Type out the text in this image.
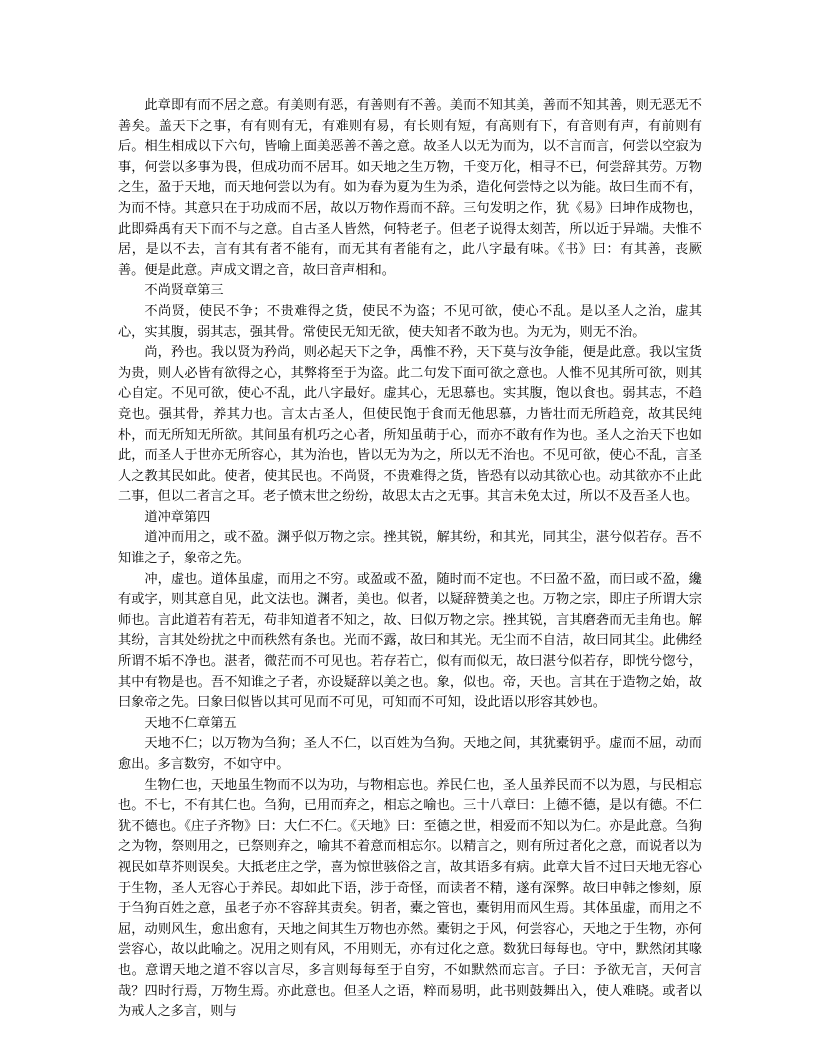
此章即有而不居之意。有美则有恶，有善则有不善。美而不知其美，善而不知其善，则无恶无不善矣。盖天下之事，有有则有无，有难则有易，有长则有短，有高则有下，有音则有声，有前则有后。相生相成以下六句，皆喻上面美恶善不善之意。故圣人以无为而为，以不言而言，何尝以空寂为事，何尝以多事为畏，但成功而不居耳。如天地之生万物，千变万化，相寻不已，何尝辞其劳。万物之生，盈于天地，而天地何尝以为有。如为春为夏为生为杀，造化何尝恃之以为能。故曰生而不有，为而不恃。其意只在于功成而不居，故以万物作焉而不辞。三句发明之作，犹《易》曰坤作成物也，此即舜禹有天下而不与之意。自古圣人皆然，何特老子。但老子说得太刻苦，所以近于异端。夫惟不居，是以不去，言有其有者不能有，而无其有者能有之，此八字最有味。《书》曰：有其善，丧厥善。便是此意。声成文谓之音，故曰音声相和。

不尚贤章第三

不尚贤，使民不争；不贵难得之货，使民不为盗；不见可欲，使心不乱。是以圣人之治，虚其心，实其腹，弱其志，强其骨。常使民无知无欲，使夫知者不敢为也。为无为，则无不治。

尚，矜也。我以贤为矜尚，则必起天下之争，禹惟不矜，天下莫与汝争能，便是此意。我以宝货为贵，则人必皆有欲得之心，其弊将至于为盗。此二句发下面可欲之意也。人惟不见其所可欲，则其心自定。不见可欲，使心不乱，此八字最好。虚其心，无思慕也。实其腹，饱以食也。弱其志，不趋竞也。强其骨，养其力也。言太古圣人，但使民饱于食而无他思慕，力皆壮而无所趋竞，故其民纯朴，而无所知无所欲。其间虽有机巧之心者，所知虽萌于心，而亦不敢有作为也。圣人之治天下也如此，而圣人于世亦无所容心，其为治也，皆以无为为之，所以无不治也。不见可欲，使心不乱，言圣人之教其民如此。使者，使其民也。不尚贤，不贵难得之货，皆恐有以动其欲心也。动其欲亦不止此二事，但以二者言之耳。老子愤末世之纷纷，故思太古之无事。其言未免太过，所以不及吾圣人也。

道冲章第四

道冲而用之，或不盈。渊乎似万物之宗。挫其锐，解其纷，和其光，同其尘，湛兮似若存。吾不知谁之子，象帝之先。

冲，虚也。道体虽虚，而用之不穷。或盈或不盈，随时而不定也。不曰盈不盈，而曰或不盈，纔有或字，则其意自见，此文法也。渊者，美也。似者，以疑辞赞美之也。万物之宗，即庄子所谓大宗师也。言此道若有若无，苟非知道者不知之，故、曰似万物之宗。挫其锐，言其磨砻而无圭角也。解其纷，言其处纷扰之中而秩然有条也。光而不露，故曰和其光。无尘而不自洁，故曰同其尘。此佛经所谓不垢不净也。湛者，微茫而不可见也。若存若亡，似有而似无，故曰湛兮似若存，即恍兮惚兮，其中有物是也。吾不知谁之子者，亦设疑辞以美之也。象，似也。帝，天也。言其在于造物之始，故曰象帝之先。曰象曰似皆以其可见而不可见，可知而不可知，设此语以形容其妙也。

天地不仁章第五

天地不仁；以万物为刍狗；圣人不仁，以百姓为刍狗。天地之间，其犹橐钥乎。虚而不屈，动而愈出。多言数穷，不如守中。

生物仁也，天地虽生物而不以为功，与物相忘也。养民仁也，圣人虽养民而不以为恩，与民相忘也。不七，不有其仁也。刍狗，已用而弃之，相忘之喻也。三十八章曰：上德不德，是以有德。不仁犹不德也。《庄子齐物》曰：大仁不仁。《天地》曰：至德之世，相爱而不知以为仁。亦是此意。刍狗之为物，祭则用之，已祭则弃之，喻其不着意而相忘尔。以精言之，则有所过者化之意，而说者以为视民如草芥则误矣。大抵老庄之学，喜为惊世骇俗之言，故其语多有病。此章大旨不过曰天地无容心于生物，圣人无容心于养民。却如此下语，涉于奇怪，而读者不精，遂有深弊。故曰申韩之惨刻，原于刍狗百姓之意，虽老子亦不容辞其责矣。钥者，橐之管也，橐钥用而风生焉。其体虽虚，而用之不屈，动则风生，愈出愈有，天地之间其生万物也亦然。橐钥之于风，何尝容心，天地之于生物，亦何尝容心，故以此喻之。况用之则有风，不用则无，亦有过化之意。数犹曰每每也。守中，默然闭其喙也。意谓天地之道不容以言尽，多言则每每至于自穷，不如默然而忘言。子曰：予欲无言，天何言哉？四时行焉，万物生焉。亦此意也。但圣人之语，粹而易明，此书则鼓舞出入，使人难晓。或者以为戒人之多言，则与
